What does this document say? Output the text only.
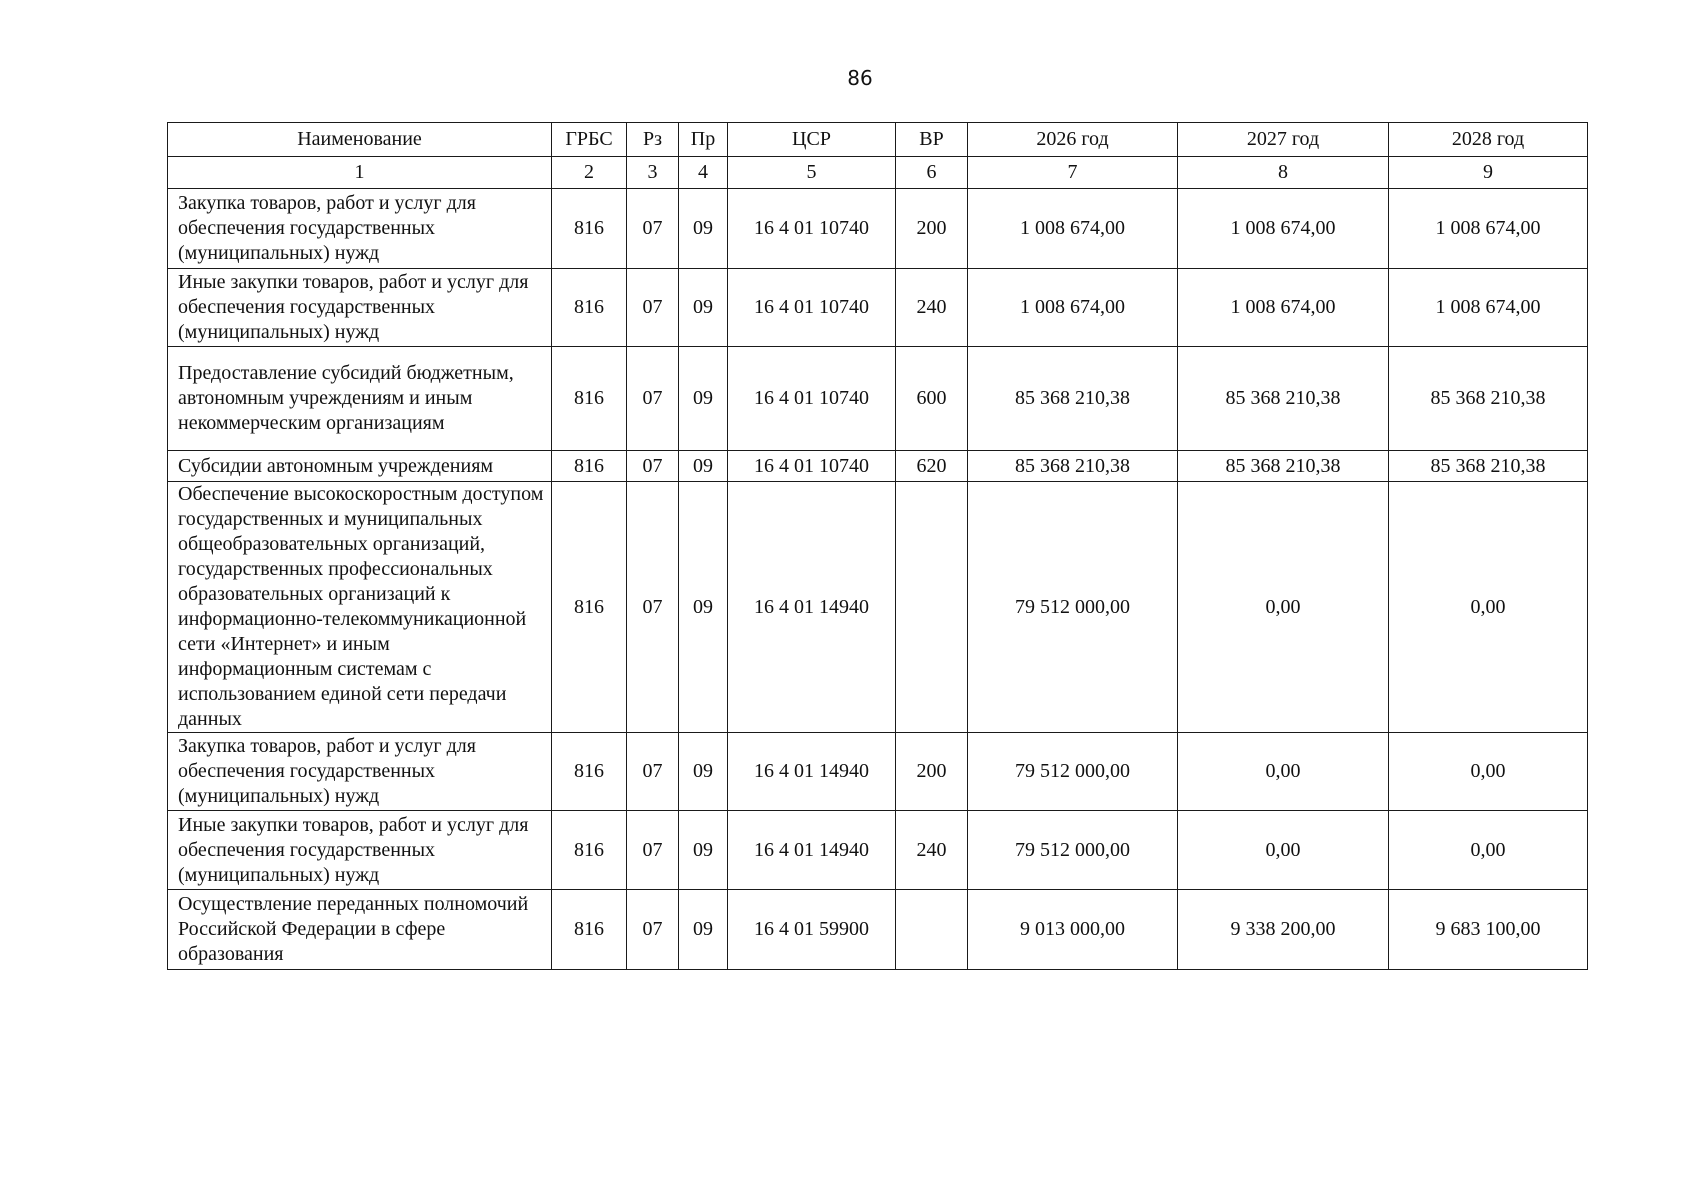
86
Наименование	ГРБС	Рз	Пр	ЦСР	ВР	2026 год	2027 год	2028 год
1	2	3	4	5	6	7	8	9
Закупка товаров, работ и услуг для обеспечения государственных (муниципальных) нужд	816	07	09	16 4 01 10740	200	1 008 674,00	1 008 674,00	1 008 674,00
Иные закупки товаров, работ и услуг для обеспечения государственных (муниципальных) нужд	816	07	09	16 4 01 10740	240	1 008 674,00	1 008 674,00	1 008 674,00
Предоставление субсидий бюджетным, автономным учреждениям и иным некоммерческим организациям	816	07	09	16 4 01 10740	600	85 368 210,38	85 368 210,38	85 368 210,38
Субсидии автономным учреждениям	816	07	09	16 4 01 10740	620	85 368 210,38	85 368 210,38	85 368 210,38
Обеспечение высокоскоростным доступом государственных и муниципальных общеобразовательных организаций, государственных профессиональных образовательных организаций к информационно-телекоммуникационной сети «Интернет» и иным информационным системам с использованием единой сети передачи данных	816	07	09	16 4 01 14940		79 512 000,00	0,00	0,00
Закупка товаров, работ и услуг для обеспечения государственных (муниципальных) нужд	816	07	09	16 4 01 14940	200	79 512 000,00	0,00	0,00
Иные закупки товаров, работ и услуг для обеспечения государственных (муниципальных) нужд	816	07	09	16 4 01 14940	240	79 512 000,00	0,00	0,00
Осуществление переданных полномочий Российской Федерации в сфере образования	816	07	09	16 4 01 59900		9 013 000,00	9 338 200,00	9 683 100,00
